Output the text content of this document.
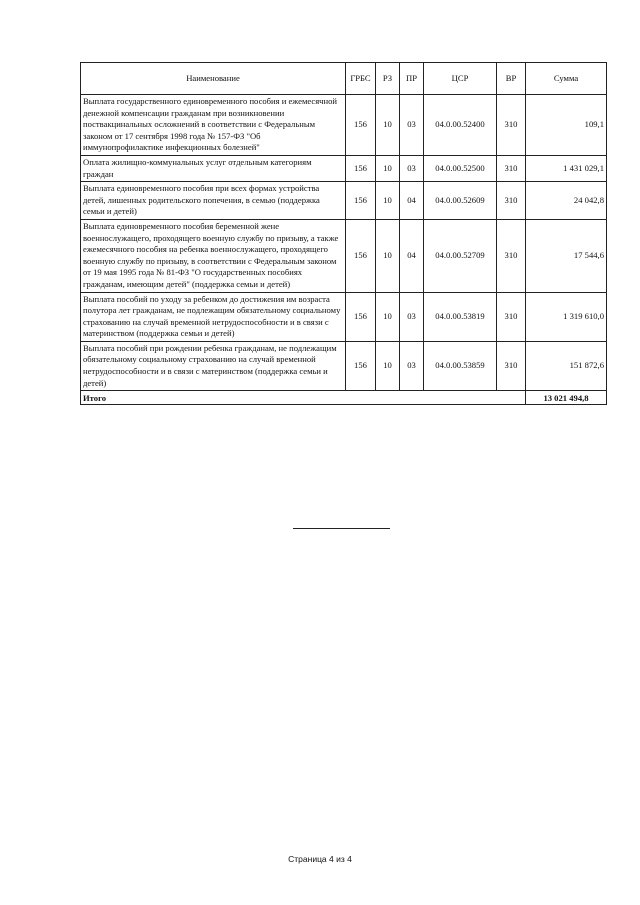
Наименование	ГРБС	РЗ	ПР	ЦСР	ВР	Сумма
Выплата государственного единовременного пособия и ежемесячной денежной компенсации гражданам при возникновении поствакцинальных осложнений в соответствии с Федеральным законом от 17 сентября 1998 года № 157-ФЗ "Об иммунопрофилактике инфекционных болезней"	156	10	03	04.0.00.52400	310	109,1
Оплата жилищно-коммунальных услуг отдельным категориям граждан	156	10	03	04.0.00.52500	310	1 431 029,1
Выплата единовременного пособия при всех формах устройства детей, лишенных родительского попечения, в семью (поддержка семьи и детей)	156	10	04	04.0.00.52609	310	24 042,8
Выплата единовременного пособия беременной жене военнослужащего, проходящего военную службу по призыву, а также ежемесячного пособия на ребенка военнослужащего, проходящего военную службу по призыву, в соответствии с Федеральным законом от 19 мая 1995 года № 81-ФЗ "О государственных пособиях гражданам, имеющим детей" (поддержка семьи и детей)	156	10	04	04.0.00.52709	310	17 544,6
Выплата пособий по уходу за ребенком до достижения им возраста полутора лет гражданам, не подлежащим обязательному социальному страхованию на случай временной нетрудоспособности и в связи с материнством (поддержка семьи и детей)	156	10	03	04.0.00.53819	310	1 319 610,0
Выплата пособий при рождении ребенка гражданам, не подлежащим обязательному социальному страхованию на случай временной нетрудоспособности и в связи с материнством (поддержка семьи и детей)	156	10	03	04.0.00.53859	310	151 872,6
Итого						13 021 494,8
Страница 4 из 4
